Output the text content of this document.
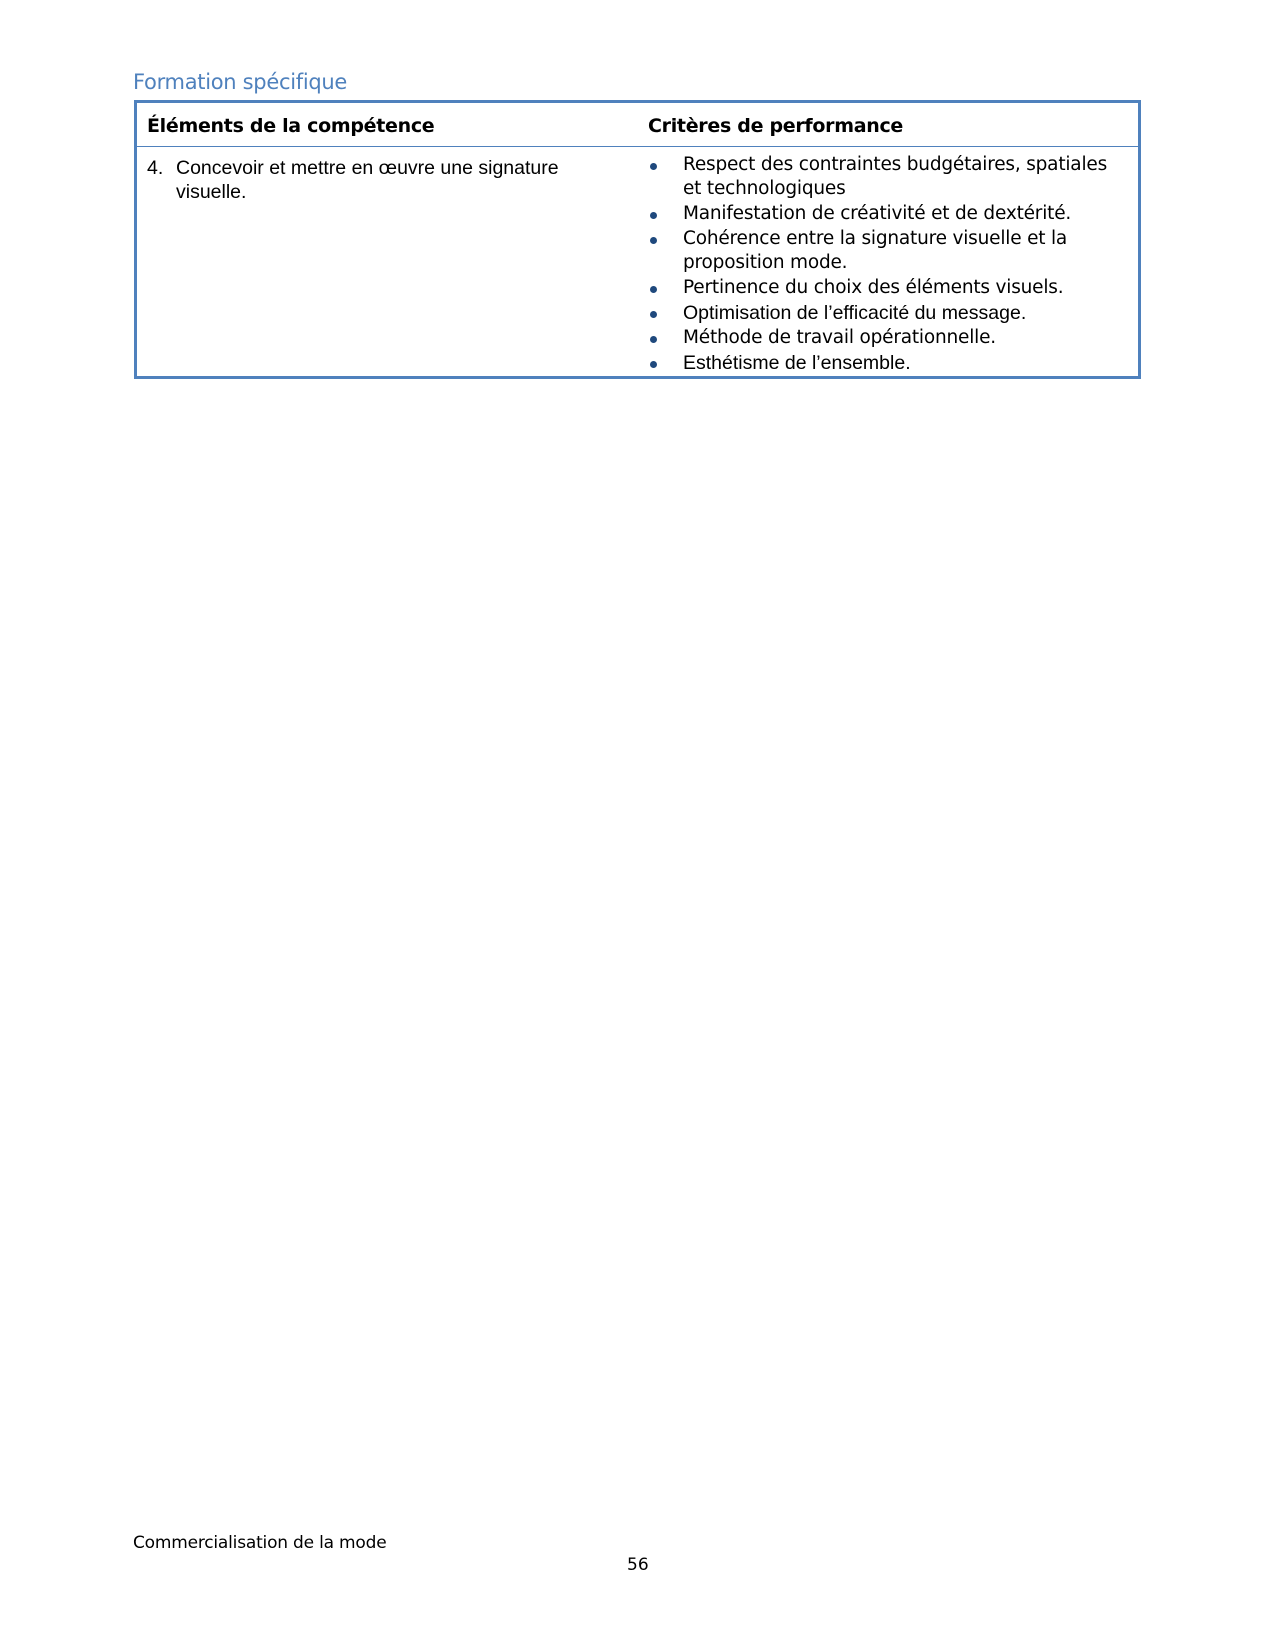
Formation spécifique
Éléments de la compétence	Critères de performance
4. Concevoir et mettre en œuvre une signature visuelle.
Respect des contraintes budgétaires, spatiales et technologiques
Manifestation de créativité et de dextérité.
Cohérence entre la signature visuelle et la proposition mode.
Pertinence du choix des éléments visuels.
Optimisation de l’efficacité du message.
Méthode de travail opérationnelle.
Esthétisme de l’ensemble.
Commercialisation de la mode
56
